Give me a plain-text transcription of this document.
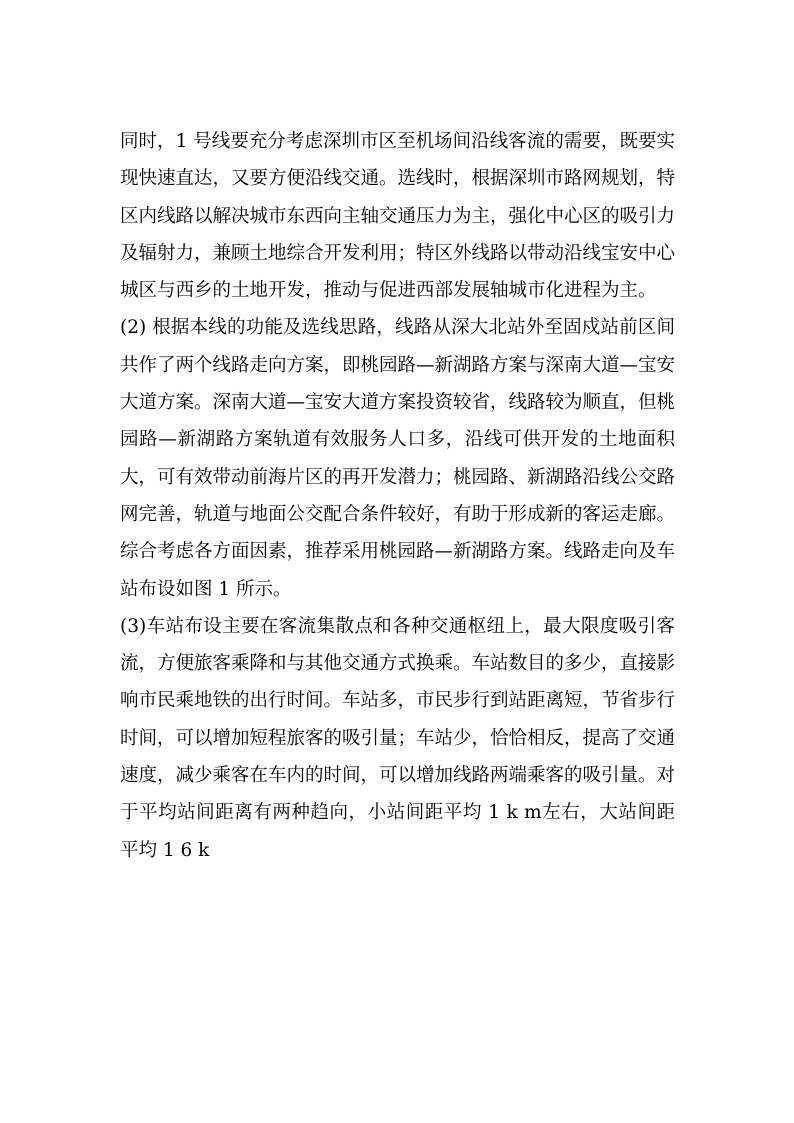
同时，1 号线要充分考虑深圳市区至机场间沿线客流的需要，既要实现快速直达，又要方便沿线交通。选线时，根据深圳市路网规划，特区内线路以解决城市东西向主轴交通压力为主，强化中心区的吸引力及辐射力，兼顾土地综合开发利用；特区外线路以带动沿线宝安中心城区与西乡的土地开发，推动与促进西部发展轴城市化进程为主。

(2) 根据本线的功能及选线思路，线路从深大北站外至固戍站前区间共作了两个线路走向方案，即桃园路—新湖路方案与深南大道—宝安大道方案。深南大道—宝安大道方案投资较省，线路较为顺直，但桃园路—新湖路方案轨道有效服务人口多，沿线可供开发的土地面积大，可有效带动前海片区的再开发潜力；桃园路、新湖路沿线公交路网完善，轨道与地面公交配合条件较好，有助于形成新的客运走廊。综合考虑各方面因素，推荐采用桃园路—新湖路方案。线路走向及车站布设如图 1 所示。

(3)车站布设主要在客流集散点和各种交通枢纽上，最大限度吸引客流，方便旅客乘降和与其他交通方式换乘。车站数目的多少，直接影响市民乘地铁的出行时间。车站多，市民步行到站距离短，节省步行时间，可以增加短程旅客的吸引量；车站少，恰恰相反，提高了交通速度，减少乘客在车内的时间，可以增加线路两端乘客的吸引量。对于平均站间距离有两种趋向，小站间距平均 1 k m左右，大站间距平均 1 6 k
